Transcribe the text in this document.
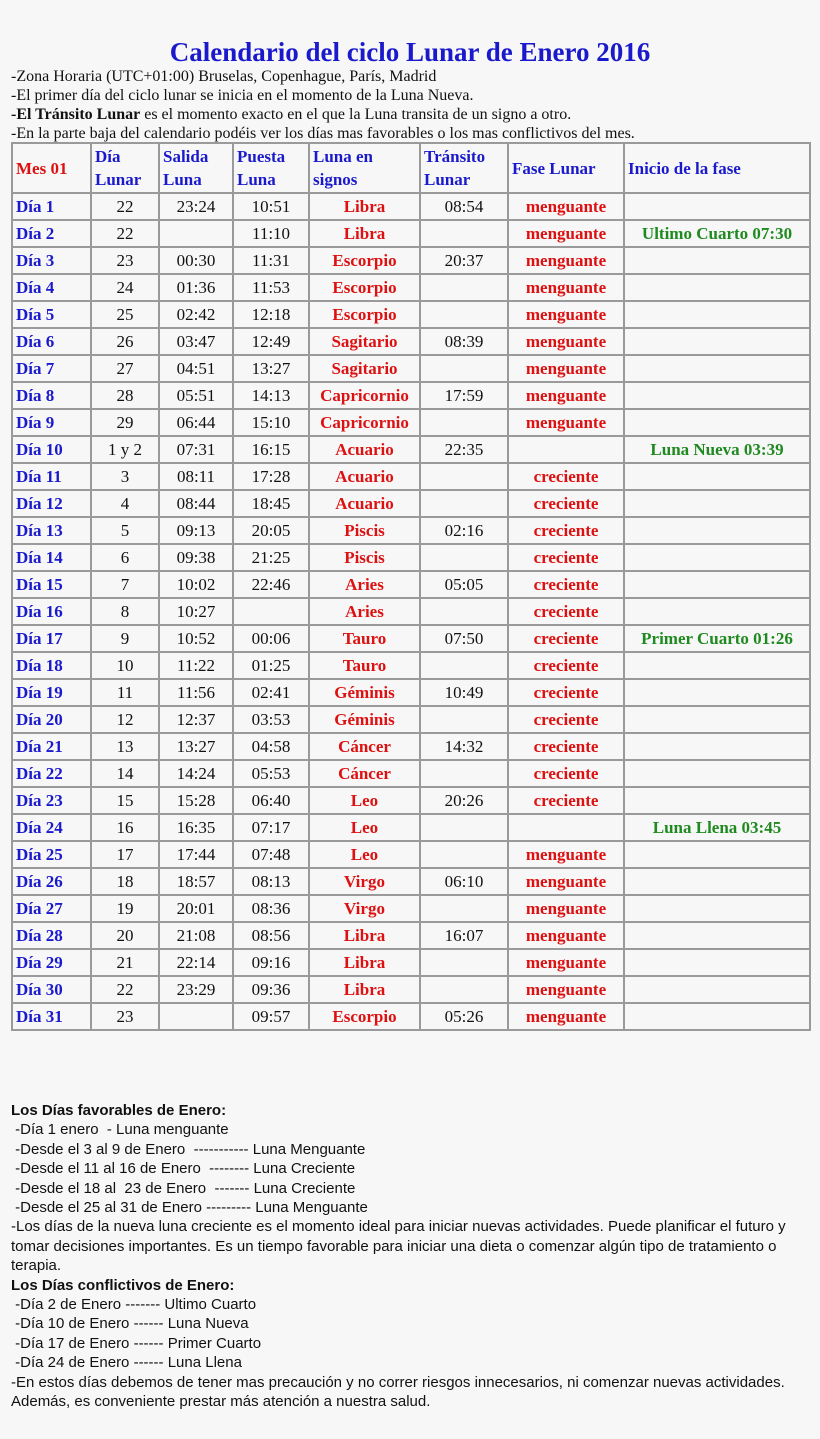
Calendario del ciclo Lunar de Enero 2016
-Zona Horaria (UTC+01:00) Bruselas, Copenhague, París, Madrid
-El primer día del ciclo lunar se inicia en el momento de la Luna Nueva.
-El Tránsito Lunar es el momento exacto en el que la Luna transita de un signo a otro.
-En la parte baja del calendario podéis ver los días mas favorables o los mas conflictivos del mes.
Mes 01	Día Lunar	Salida Luna	Puesta Luna	Luna en signos	Tránsito Lunar	Fase Lunar	Inicio de la fase
Día 1	22	23:24	10:51	Libra	08:54	menguante	
Día 2	22		11:10	Libra		menguante	Ultimo Cuarto 07:30
Día 3	23	00:30	11:31	Escorpio	20:37	menguante	
Día 4	24	01:36	11:53	Escorpio		menguante	
Día 5	25	02:42	12:18	Escorpio		menguante	
Día 6	26	03:47	12:49	Sagitario	08:39	menguante	
Día 7	27	04:51	13:27	Sagitario		menguante	
Día 8	28	05:51	14:13	Capricornio	17:59	menguante	
Día 9	29	06:44	15:10	Capricornio		menguante	
Día 10	1 y 2	07:31	16:15	Acuario	22:35		Luna Nueva 03:39
Día 11	3	08:11	17:28	Acuario		creciente	
Día 12	4	08:44	18:45	Acuario		creciente	
Día 13	5	09:13	20:05	Piscis	02:16	creciente	
Día 14	6	09:38	21:25	Piscis		creciente	
Día 15	7	10:02	22:46	Aries	05:05	creciente	
Día 16	8	10:27		Aries		creciente	
Día 17	9	10:52	00:06	Tauro	07:50	creciente	Primer Cuarto 01:26
Día 18	10	11:22	01:25	Tauro		creciente	
Día 19	11	11:56	02:41	Géminis	10:49	creciente	
Día 20	12	12:37	03:53	Géminis		creciente	
Día 21	13	13:27	04:58	Cáncer	14:32	creciente	
Día 22	14	14:24	05:53	Cáncer		creciente	
Día 23	15	15:28	06:40	Leo	20:26	creciente	
Día 24	16	16:35	07:17	Leo			Luna Llena 03:45
Día 25	17	17:44	07:48	Leo		menguante	
Día 26	18	18:57	08:13	Virgo	06:10	menguante	
Día 27	19	20:01	08:36	Virgo		menguante	
Día 28	20	21:08	08:56	Libra	16:07	menguante	
Día 29	21	22:14	09:16	Libra		menguante	
Día 30	22	23:29	09:36	Libra		menguante	
Día 31	23		09:57	Escorpio	05:26	menguante	
Los Días favorables de Enero:
-Día 1 enero  - Luna menguante
-Desde el 3 al 9 de Enero  ----------- Luna Menguante
-Desde el 11 al 16 de Enero  -------- Luna Creciente
-Desde el 18 al  23 de Enero  ------- Luna Creciente
-Desde el 25 al 31 de Enero --------- Luna Menguante
-Los días de la nueva luna creciente es el momento ideal para iniciar nuevas actividades. Puede planificar el futuro y tomar decisiones importantes. Es un tiempo favorable para iniciar una dieta o comenzar algún tipo de tratamiento o terapia.
Los Días conflictivos de Enero:
-Día 2 de Enero ------- Ultimo Cuarto
-Día 10 de Enero ------ Luna Nueva
-Día 17 de Enero ------ Primer Cuarto
-Día 24 de Enero ------ Luna Llena
-En estos días debemos de tener mas precaución y no correr riesgos innecesarios, ni comenzar nuevas actividades. Además, es conveniente prestar más atención a nuestra salud.
